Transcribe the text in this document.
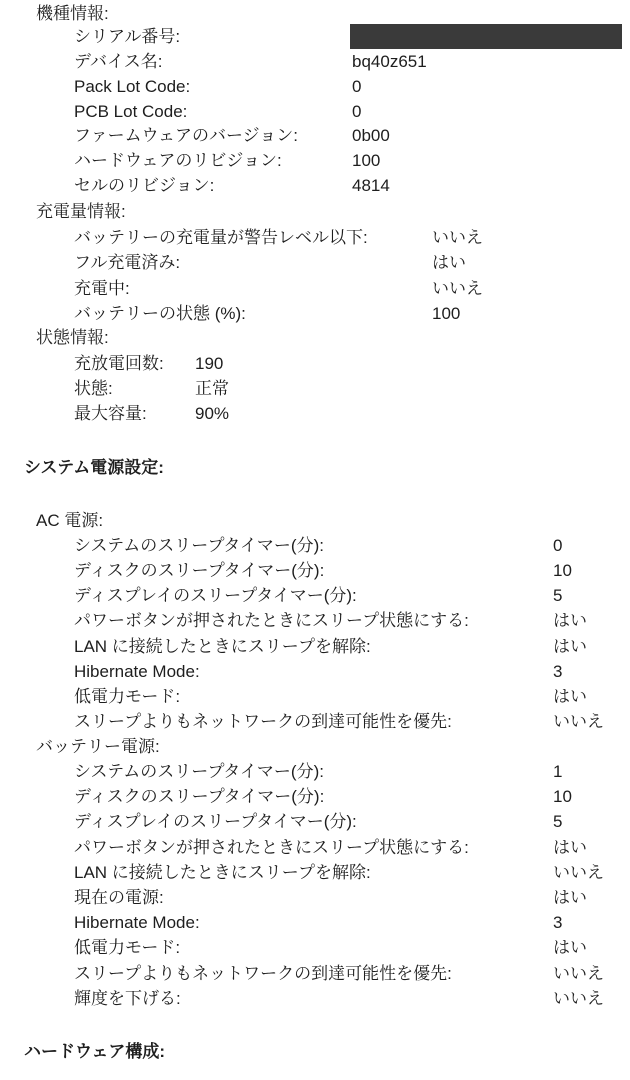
システム電源設定:
ハードウェア構成:
機種情報:
シリアル番号:
デバイス名:	bq40z651
Pack Lot Code:	0
PCB Lot Code:	0
ファームウェアのバージョン:	0b00
ハードウェアのリビジョン:	100
セルのリビジョン:	4814
充電量情報:
バッテリーの充電量が警告レベル以下:	いいえ
フル充電済み:	はい
充電中:	いいえ
バッテリーの状態 (%):	100
状態情報:
充放電回数: 190
状態:	正常
最大容量:	90%
AC 電源:
システムのスリープタイマー(分):	0
ディスクのスリープタイマー(分):	10
ディスプレイのスリープタイマー(分):	5
パワーボタンが押されたときにスリープ状態にする:	はい
LAN に接続したときにスリープを解除:	はい
Hibernate Mode:	3
低電力モード:	はい
スリープよりもネットワークの到達可能性を優先:	いいえ
バッテリー電源:
システムのスリープタイマー(分):	1
ディスクのスリープタイマー(分):	10
ディスプレイのスリープタイマー(分):	5
パワーボタンが押されたときにスリープ状態にする:	はい
LAN に接続したときにスリープを解除:	いいえ
現在の電源:	はい
Hibernate Mode:	3
低電力モード:	はい
スリープよりもネットワークの到達可能性を優先:	いいえ
輝度を下げる:	いいえ
